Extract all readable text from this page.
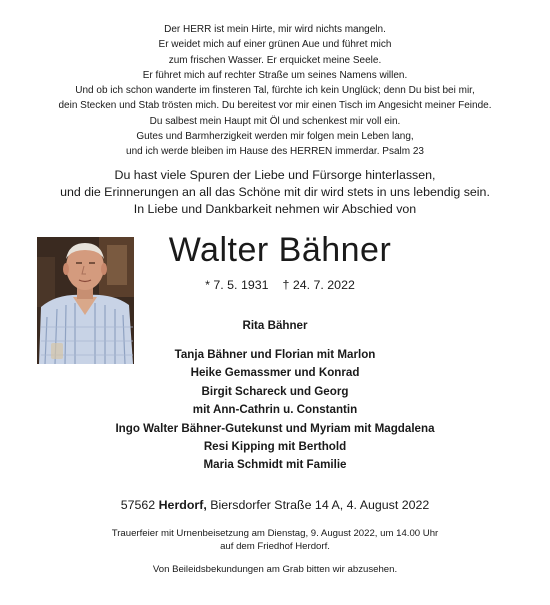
Der HERR ist mein Hirte, mir wird nichts mangeln.
Er weidet mich auf einer grünen Aue und führet mich
zum frischen Wasser. Er erquicket meine Seele.
Er führet mich auf rechter Straße um seines Namens willen.
Und ob ich schon wanderte im finsteren Tal, fürchte ich kein Unglück; denn Du bist bei mir,
dein Stecken und Stab trösten mich. Du bereitest vor mir einen Tisch im Angesicht meiner Feinde.
Du salbest mein Haupt mit Öl und schenkest mir voll ein.
Gutes und Barmherzigkeit werden mir folgen mein Leben lang,
und ich werde bleiben im Hause des HERREN immerdar. Psalm 23
Du hast viele Spuren der Liebe und Fürsorge hinterlassen,
und die Erinnerungen an all das Schöne mit dir wird stets in uns lebendig sein.
In Liebe und Dankbarkeit nehmen wir Abschied von
Walter Bähner
* 7. 5. 1931 † 24. 7. 2022
Rita Bähner
Tanja Bähner und Florian mit Marlon
Heike Gemassmer und Konrad
Birgit Schareck und Georg
mit Ann-Cathrin u. Constantin
Ingo Walter Bähner-Gutekunst und Myriam mit Magdalena
Resi Kipping mit Berthold
Maria Schmidt mit Familie
57562 Herdorf, Biersdorfer Straße 14 A, 4. August 2022
Trauerfeier mit Urnenbeisetzung am Dienstag, 9. August 2022, um 14.00 Uhr
auf dem Friedhof Herdorf.
Von Beileidsbekundungen am Grab bitten wir abzusehen.
